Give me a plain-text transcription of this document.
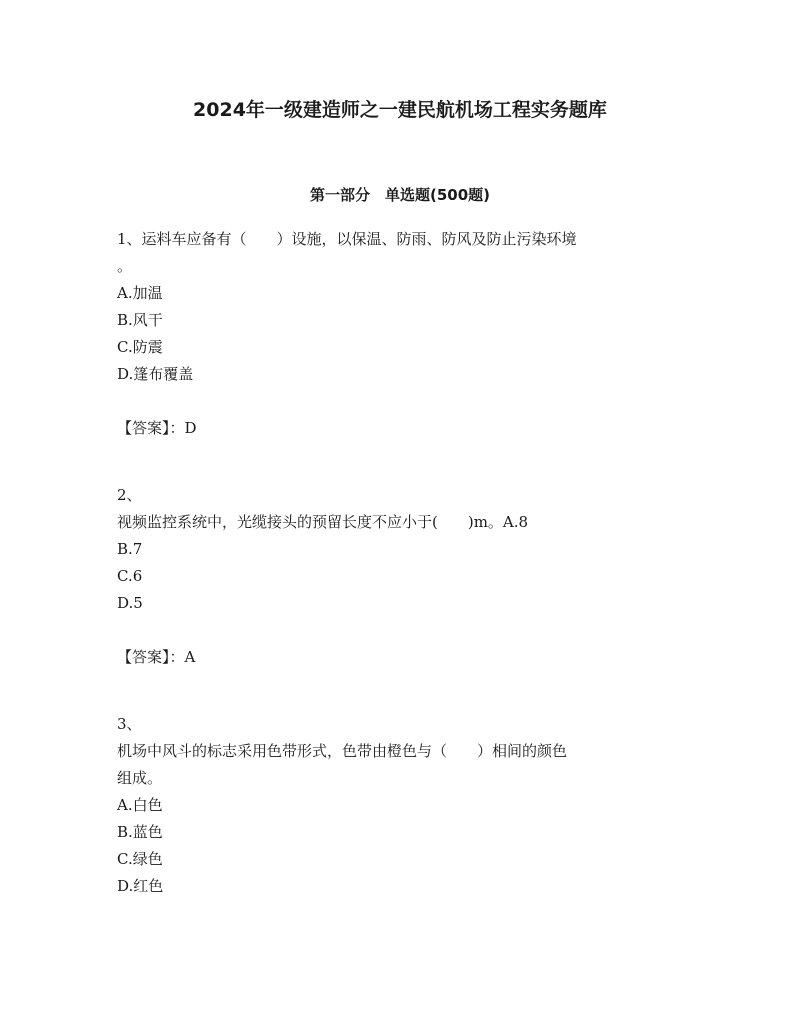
2024年一级建造师之一建民航机场工程实务题库
第一部分　单选题(500题)
1、运料车应备有（　　）设施，以保温、防雨、防风及防止污染环境
。
A.加温
B.风干
C.防震
D.篷布覆盖
【答案】：D
2、
视频监控系统中，光缆接头的预留长度不应小于(　　)m。A.8
B.7
C.6
D.5
【答案】：A
3、
机场中风斗的标志采用色带形式，色带由橙色与（　　）相间的颜色
组成。
A.白色
B.蓝色
C.绿色
D.红色
